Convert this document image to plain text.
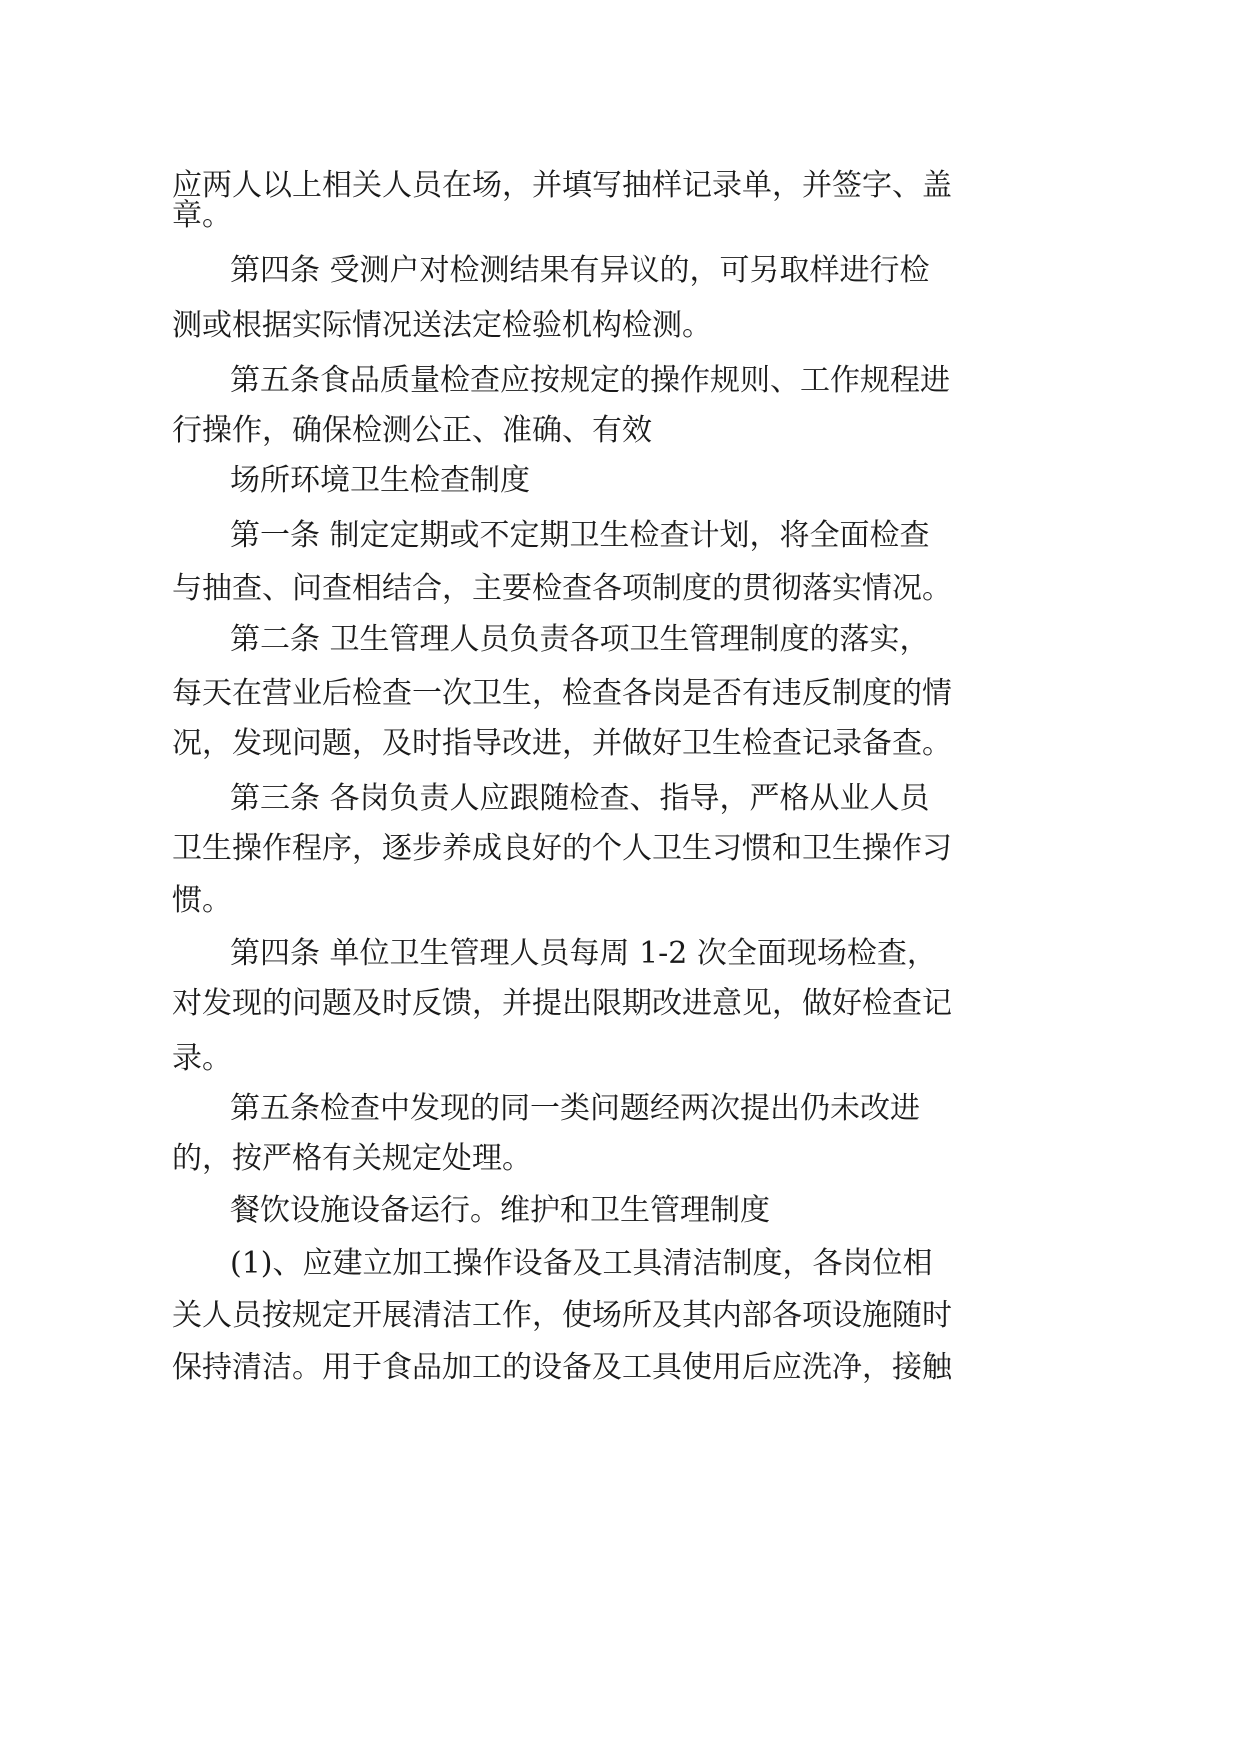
应两人以上相关人员在场，并填写抽样记录单，并签字、盖
章。
第四条 受测户对检测结果有异议的，可另取样进行检
测或根据实际情况送法定检验机构检测。
第五条食品质量检查应按规定的操作规则、工作规程进
行操作，确保检测公正、准确、有效
场所环境卫生检查制度
第一条 制定定期或不定期卫生检查计划，将全面检查
与抽查、问查相结合，主要检查各项制度的贯彻落实情况。
第二条 卫生管理人员负责各项卫生管理制度的落实，
每天在营业后检查一次卫生，检查各岗是否有违反制度的情
况，发现问题，及时指导改进，并做好卫生检查记录备查。
第三条 各岗负责人应跟随检查、指导，严格从业人员
卫生操作程序，逐步养成良好的个人卫生习惯和卫生操作习
惯。
第四条 单位卫生管理人员每周 1-2 次全面现场检查，
对发现的问题及时反馈，并提出限期改进意见，做好检查记
录。
第五条检查中发现的同一类问题经两次提出仍未改进
的，按严格有关规定处理。
餐饮设施设备运行。维护和卫生管理制度
(1)、应建立加工操作设备及工具清洁制度，各岗位相
关人员按规定开展清洁工作，使场所及其内部各项设施随时
保持清洁。用于食品加工的设备及工具使用后应洗净，接触
